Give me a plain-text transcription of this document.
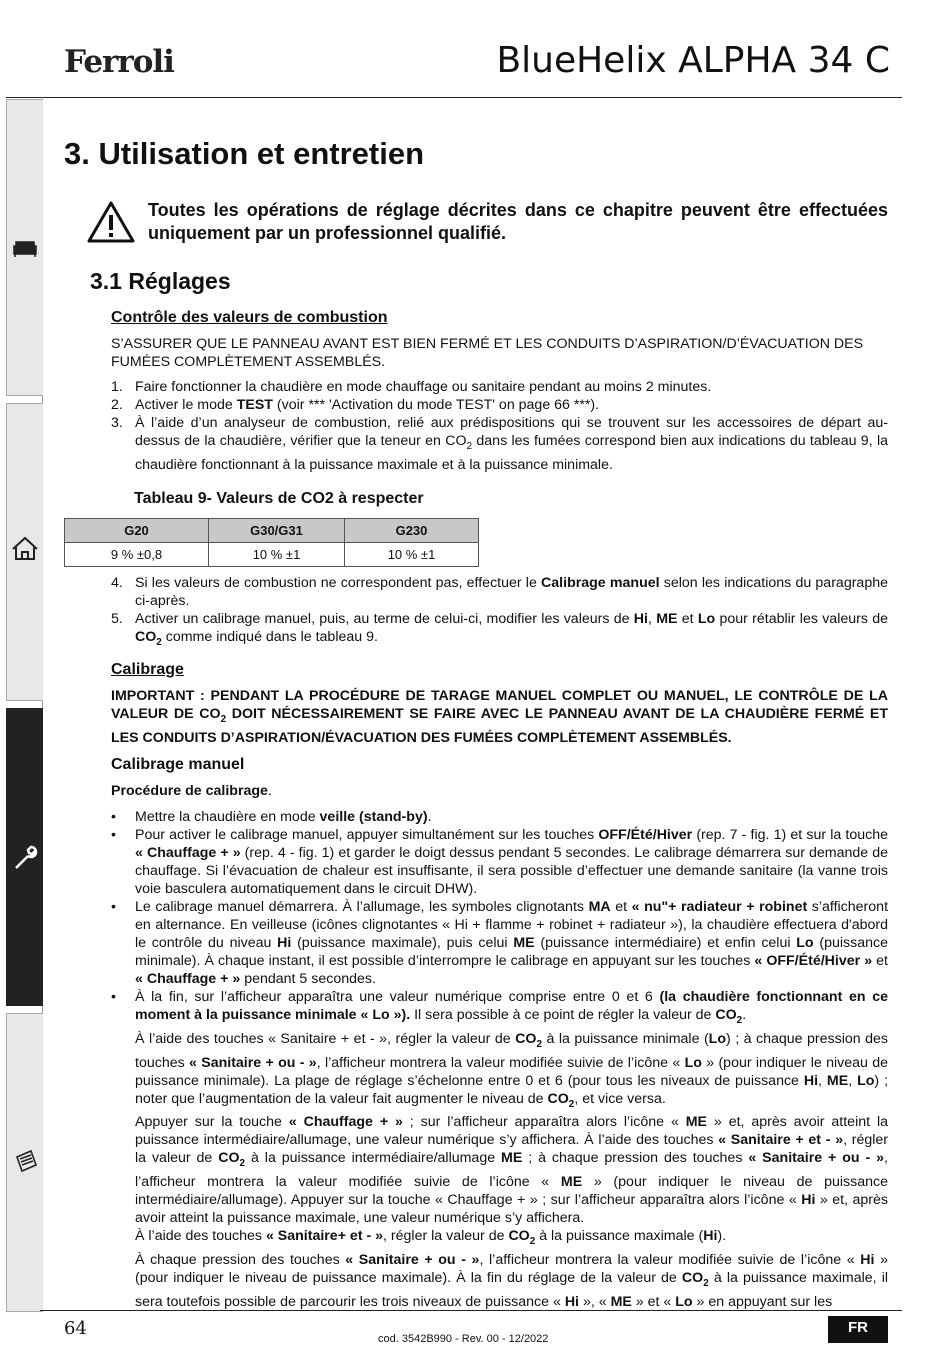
Ferroli	BlueHelix ALPHA 34 C
3. Utilisation et entretien
Toutes les opérations de réglage décrites dans ce chapitre peuvent être effectuées uniquement par un professionnel qualifié.
3.1 Réglages
Contrôle des valeurs de combustion
S’ASSURER QUE LE PANNEAU AVANT EST BIEN FERMÉ ET LES CONDUITS D’ASPIRATION/D’ÉVACUATION DES FUMÉES COMPLÈTEMENT ASSEMBLÉS.
1. Faire fonctionner la chaudière en mode chauffage ou sanitaire pendant au moins 2 minutes.
2. Activer le mode TEST (voir *** 'Activation du mode TEST' on page 66 ***).
3. À l’aide d’un analyseur de combustion, relié aux prédispositions qui se trouvent sur les accessoires de départ au-dessus de la chaudière, vérifier que la teneur en $CO_2$ dans les fumées correspond bien aux indications du tableau 9, la chaudière fonctionnant à la puissance maximale et à la puissance minimale.
Tableau 9- Valeurs de CO2 à respecter
G20	G30/G31	G230
9 % ±0,8	10 % ±1	10 % ±1
4. Si les valeurs de combustion ne correspondent pas, effectuer le Calibrage manuel selon les indications du paragraphe ci-après.
5. Activer un calibrage manuel, puis, au terme de celui-ci, modifier les valeurs de Hi, ME et Lo pour rétablir les valeurs de $CO_2$ comme indiqué dans le tableau 9.
Calibrage
IMPORTANT : PENDANT LA PROCÉDURE DE TARAGE MANUEL COMPLET OU MANUEL, LE CONTRÔLE DE LA VALEUR DE $CO_2$ DOIT NÉCESSAIREMENT SE FAIRE AVEC LE PANNEAU AVANT DE LA CHAUDIÈRE FERMÉ ET LES CONDUITS D’ASPIRATION/ÉVACUATION DES FUMÉES COMPLÈTEMENT ASSEMBLÉS.
Calibrage manuel
Procédure de calibrage.
• Mettre la chaudière en mode veille (stand-by).
• Pour activer le calibrage manuel, appuyer simultanément sur les touches OFF/Été/Hiver (rep. 7 - fig. 1) et sur la touche « Chauffage + » (rep. 4 - fig. 1) et garder le doigt dessus pendant 5 secondes. Le calibrage démarrera sur demande de chauffage. Si l’évacuation de chaleur est insuffisante, il sera possible d’effectuer une demande sanitaire (la vanne trois voie basculera automatiquement dans le circuit DHW).
• Le calibrage manuel démarrera. À l’allumage, les symboles clignotants MA et « nu"+ radiateur + robinet s’afficheront en alternance. En veilleuse (icônes clignotantes « Hi + flamme + robinet + radiateur »), la chaudière effectuera d'abord le contrôle du niveau Hi (puissance maximale), puis celui ME (puissance intermédiaire) et enfin celui Lo (puissance minimale). À chaque instant, il est possible d’interrompre le calibrage en appuyant sur les touches « OFF/Été/Hiver » et « Chauffage + » pendant 5 secondes.
• À la fin, sur l’afficheur apparaîtra une valeur numérique comprise entre 0 et 6 (la chaudière fonctionnant en ce moment à la puissance minimale « Lo »). Il sera possible à ce point de régler la valeur de $CO_2$.
À l’aide des touches « Sanitaire + et - », régler la valeur de $CO_2$ à la puissance minimale (Lo) ; à chaque pression des touches « Sanitaire + ou - », l’afficheur montrera la valeur modifiée suivie de l’icône « Lo » (pour indiquer le niveau de puissance minimale). La plage de réglage s’échelonne entre 0 et 6 (pour tous les niveaux de puissance Hi, ME, Lo) ; noter que l’augmentation de la valeur fait augmenter le niveau de $CO_2$, et vice versa.
Appuyer sur la touche « Chauffage + » ; sur l’afficheur apparaîtra alors l’icône « ME » et, après avoir atteint la puissance intermédiaire/allumage, une valeur numérique s’y affichera. À l’aide des touches « Sanitaire + et - », régler la valeur de $CO_2$ à la puissance intermédiaire/allumage ME ; à chaque pression des touches « Sanitaire + ou - », l’afficheur montrera la valeur modifiée suivie de l’icône « ME » (pour indiquer le niveau de puissance intermédiaire/allumage). Appuyer sur la touche « Chauffage + » ; sur l’afficheur apparaîtra alors l’icône « Hi » et, après avoir atteint la puissance maximale, une valeur numérique s’y affichera.
À l’aide des touches « Sanitaire+ et - », régler la valeur de $CO_2$ à la puissance maximale (Hi).
À chaque pression des touches « Sanitaire + ou - », l’afficheur montrera la valeur modifiée suivie de l’icône « Hi » (pour indiquer le niveau de puissance maximale). À la fin du réglage de la valeur de $CO_2$ à la puissance maximale, il sera toutefois possible de parcourir les trois niveaux de puissance « Hi », « ME » et « Lo » en appuyant sur les
64	cod. 3542B990 - Rev. 00 - 12/2022
FR
